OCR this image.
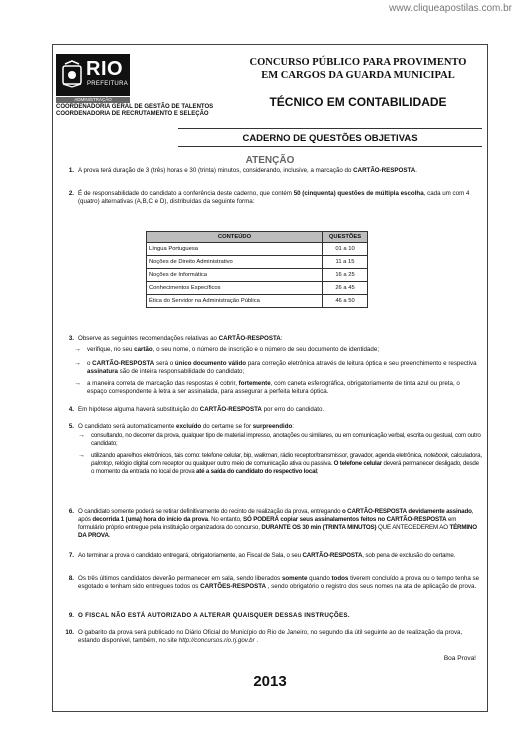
www.cliqueapostilas.com.br
RIO
PREFEITURA
ADMINISTRAÇÃO
COORDENADORIA GERAL DE GESTÃO DE TALENTOS
COORDENADORIA DE RECRUTAMENTO E SELEÇÃO
CONCURSO PÚBLICO PARA PROVIMENTO
EM CARGOS DA GUARDA MUNICIPAL
TÉCNICO EM CONTABILIDADE
CADERNO DE QUESTÕES OBJETIVAS
ATENÇÃO
1. A prova terá duração de 3 (três) horas e 30 (trinta) minutos, considerando, inclusive, a marcação do CARTÃO-RESPOSTA.
2. É de responsabilidade do candidato a conferência deste caderno, que contém 50 (cinquenta) questões de múltipla escolha, cada um com 4 (quatro) alternativas (A,B,C e D), distribuídas da seguinte forma:
CONTEÚDO	QUESTÕES
Língua Portuguesa	01 a 10
Noções de Direito Administrativo	11 a 15
Noções de Informática	16 a 25
Conhecimentos Específicos	26 a 45
Ética do Servidor na Administração Pública	46 a 50
3. Observe as seguintes recomendações relativas ao CARTÃO-RESPOSTA:
→ verifique, no seu cartão, o seu nome, o número de inscrição e o número de seu documento de identidade;
→ o CARTÃO-RESPOSTA será o único documento válido para correção eletrônica através de leitura óptica e seu preenchimento e respectiva assinatura são de inteira responsabilidade do candidato;
→ a maneira correta de marcação das respostas é cobrir, fortemente, com caneta esferográfica, obrigatoriamente de tinta azul ou preta, o espaço correspondente à letra a ser assinalada, para assegurar a perfeita leitura óptica.
4. Em hipótese alguma haverá substituição do CARTÃO-RESPOSTA por erro do candidato.
5. O candidato será automaticamente excluído do certame se for surpreendido:
→ consultando, no decorrer da prova, qualquer tipo de material impresso, anotações ou similares, ou em comunicação verbal, escrita ou gestual, com outro candidato;
→ utilizando aparelhos eletrônicos, tais como: telefone celular, bip, walkman, rádio receptor/transmissor, gravador, agenda eletrônica, notebook, calculadora, palmtop, relógio digital com receptor ou qualquer outro meio de comunicação ativa ou passiva. O telefone celular deverá permanecer desligado, desde o momento da entrada no local de prova até a saída do candidato do respectivo local;
6. O candidato somente poderá se retirar definitivamente do recinto de realização da prova, entregando o CARTÃO-RESPOSTA devidamente assinado, após decorrida 1 (uma) hora do início da prova. No entanto, SÓ PODERÁ copiar seus assinalamentos feitos no CARTÃO-RESPOSTA em formulário próprio entregue pela instituição organizadora do concurso, DURANTE OS 30 min (TRINTA MINUTOS) QUE ANTECEDEREM AO TÉRMINO DA PROVA.
7. Ao terminar a prova o candidato entregará, obrigatoriamente, ao Fiscal de Sala, o seu CARTÃO-RESPOSTA, sob pena de exclusão do certame.
8. Os três últimos candidatos deverão permanecer em sala, sendo liberados somente quando todos tiverem concluído a prova ou o tempo tenha se esgotado e tenham sido entregues todos os CARTÕES-RESPOSTA , sendo obrigatório o registro dos seus nomes na ata de aplicação de prova.
9. O FISCAL NÃO ESTÁ AUTORIZADO A ALTERAR QUAISQUER DESSAS INSTRUÇÕES.
10. O gabarito da prova será publicado no Diário Oficial do Município do Rio de Janeiro, no segundo dia útil seguinte ao de realização da prova, estando disponível, também, no site http://concursos.rio.rj.gov.br .
Boa Prova!
2013
